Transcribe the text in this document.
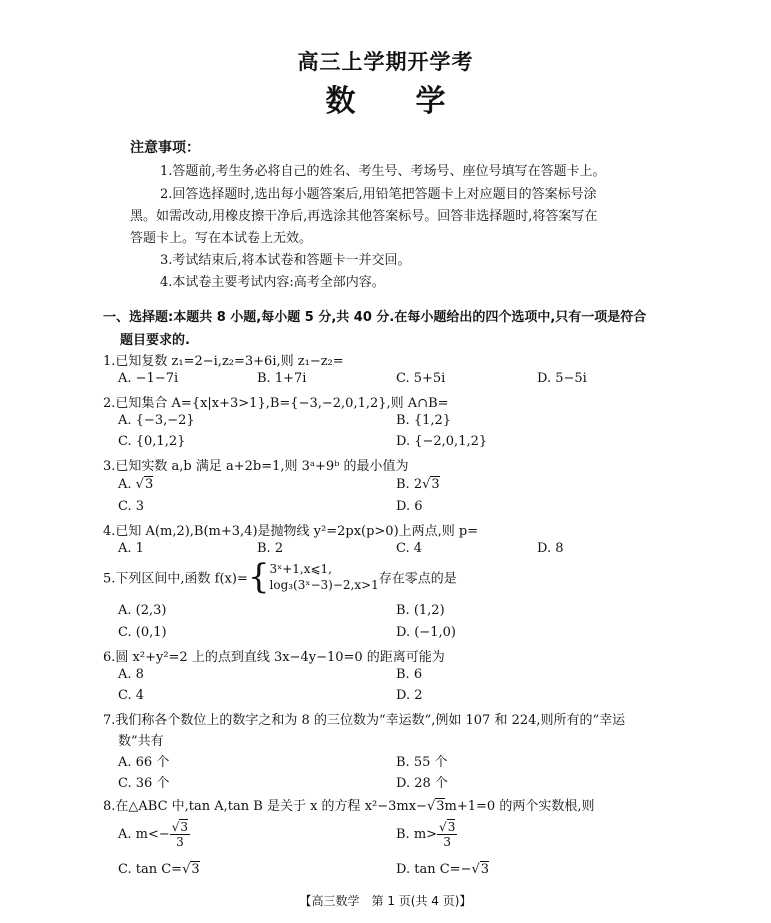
高三上学期开学考
数学
注意事项：
1.答题前,考生务必将自己的姓名、考生号、考场号、座位号填写在答题卡上。
2.回答选择题时,选出每小题答案后,用铅笔把答题卡上对应题目的答案标号涂
黑。如需改动,用橡皮擦干净后,再选涂其他答案标号。回答非选择题时,将答案写在
答题卡上。写在本试卷上无效。
3.考试结束后,将本试卷和答题卡一并交回。
4.本试卷主要考试内容:高考全部内容。
一、选择题:本题共 8 小题,每小题 5 分,共 40 分.在每小题给出的四个选项中,只有一项是符合
题目要求的.
1.已知复数 z₁=2−i,z₂=3+6i,则 z₁−z₂=
A. −1−7i	B. 1+7i	C. 5+5i	D. 5−5i
2.已知集合 A={x|x+3>1},B={−3,−2,0,1,2},则 A∩B=
A. {−3,−2}	B. {1,2}
C. {0,1,2}	D. {−2,0,1,2}
3.已知实数 a,b 满足 a+2b=1,则 3ᵃ+9ᵇ 的最小值为
A. √3	B. 2√3
C. 3	D. 6
4.已知 A(m,2),B(m+3,4)是抛物线 y²=2px(p>0)上两点,则 p=
A. 1	B. 2	C. 4	D. 8
5.下列区间中,函数 f(x)={ 3ˣ+1,x⩽1,
log₃(3ˣ−3)−2,x>1 存在零点的是
A. (2,3)	B. (1,2)
C. (0,1)	D. (−1,0)
6.圆 x²+y²=2 上的点到直线 3x−4y−10=0 的距离可能为
A. 8	B. 6
C. 4	D. 2
7.我们称各个数位上的数字之和为 8 的三位数为“幸运数”,例如 107 和 224,则所有的“幸运
数”共有
A. 66 个	B. 55 个
C. 36 个	D. 28 个
8.在△ABC 中,tan A,tan B 是关于 x 的方程 x²−3mx−√3m+1=0 的两个实数根,则
A. $m<- \frac{√3}{3}$	B. $m> \frac{√3}{3}$
C. tan C=√3	D. tan C=−√3
【高三数学　第 1 页(共 4 页)】
